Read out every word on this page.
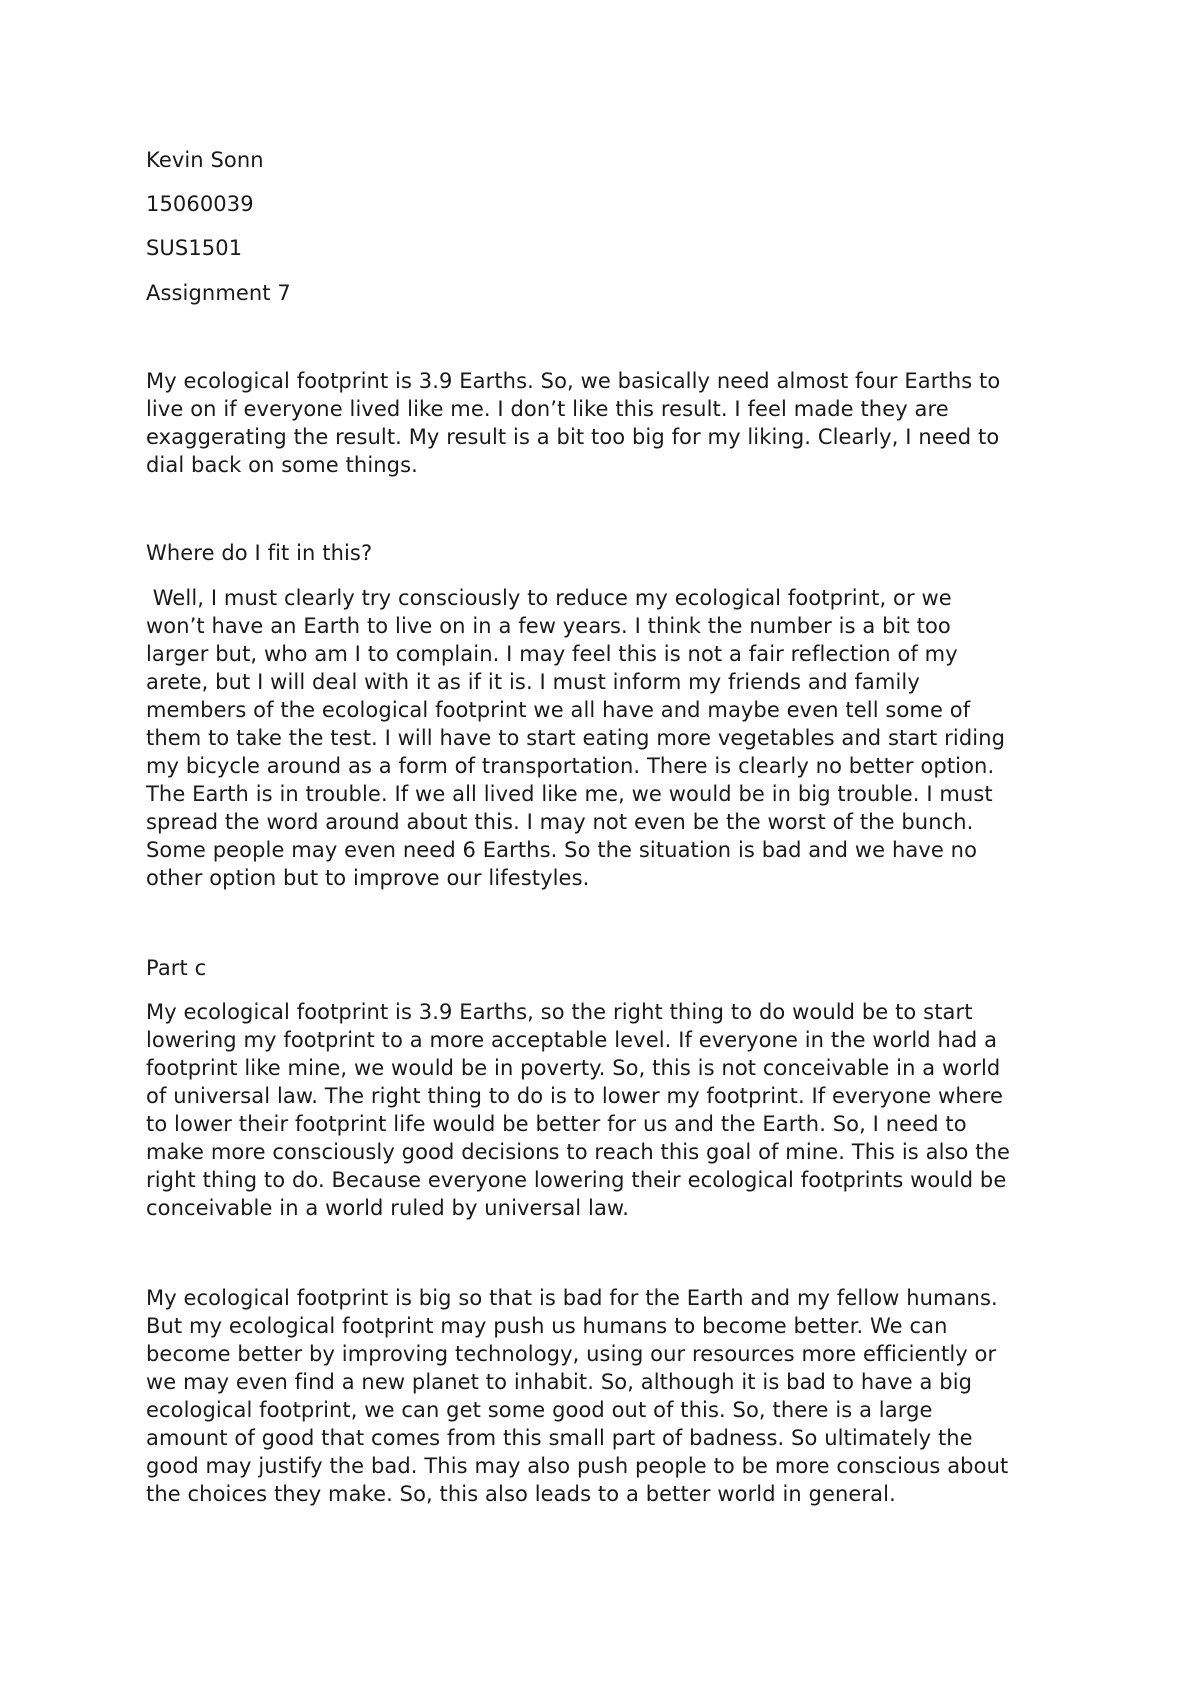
Kevin Sonn

15060039

SUS1501

Assignment 7

My ecological footprint is 3.9 Earths. So, we basically need almost four Earths to
live on if everyone lived like me. I don’t like this result. I feel made they are
exaggerating the result. My result is a bit too big for my liking. Clearly, I need to
dial back on some things.

Where do I fit in this?

Well, I must clearly try consciously to reduce my ecological footprint, or we
won’t have an Earth to live on in a few years. I think the number is a bit too
larger but, who am I to complain. I may feel this is not a fair reflection of my
arete, but I will deal with it as if it is. I must inform my friends and family
members of the ecological footprint we all have and maybe even tell some of
them to take the test. I will have to start eating more vegetables and start riding
my bicycle around as a form of transportation. There is clearly no better option.
The Earth is in trouble. If we all lived like me, we would be in big trouble. I must
spread the word around about this. I may not even be the worst of the bunch.
Some people may even need 6 Earths. So the situation is bad and we have no
other option but to improve our lifestyles.

Part c

My ecological footprint is 3.9 Earths, so the right thing to do would be to start
lowering my footprint to a more acceptable level. If everyone in the world had a
footprint like mine, we would be in poverty. So, this is not conceivable in a world
of universal law. The right thing to do is to lower my footprint. If everyone where
to lower their footprint life would be better for us and the Earth. So, I need to
make more consciously good decisions to reach this goal of mine. This is also the
right thing to do. Because everyone lowering their ecological footprints would be
conceivable in a world ruled by universal law.
My ecological footprint is big so that is bad for the Earth and my fellow humans.
But my ecological footprint may push us humans to become better. We can
become better by improving technology, using our resources more efficiently or
we may even find a new planet to inhabit. So, although it is bad to have a big
ecological footprint, we can get some good out of this. So, there is a large
amount of good that comes from this small part of badness. So ultimately the
good may justify the bad. This may also push people to be more conscious about
the choices they make. So, this also leads to a better world in general.
